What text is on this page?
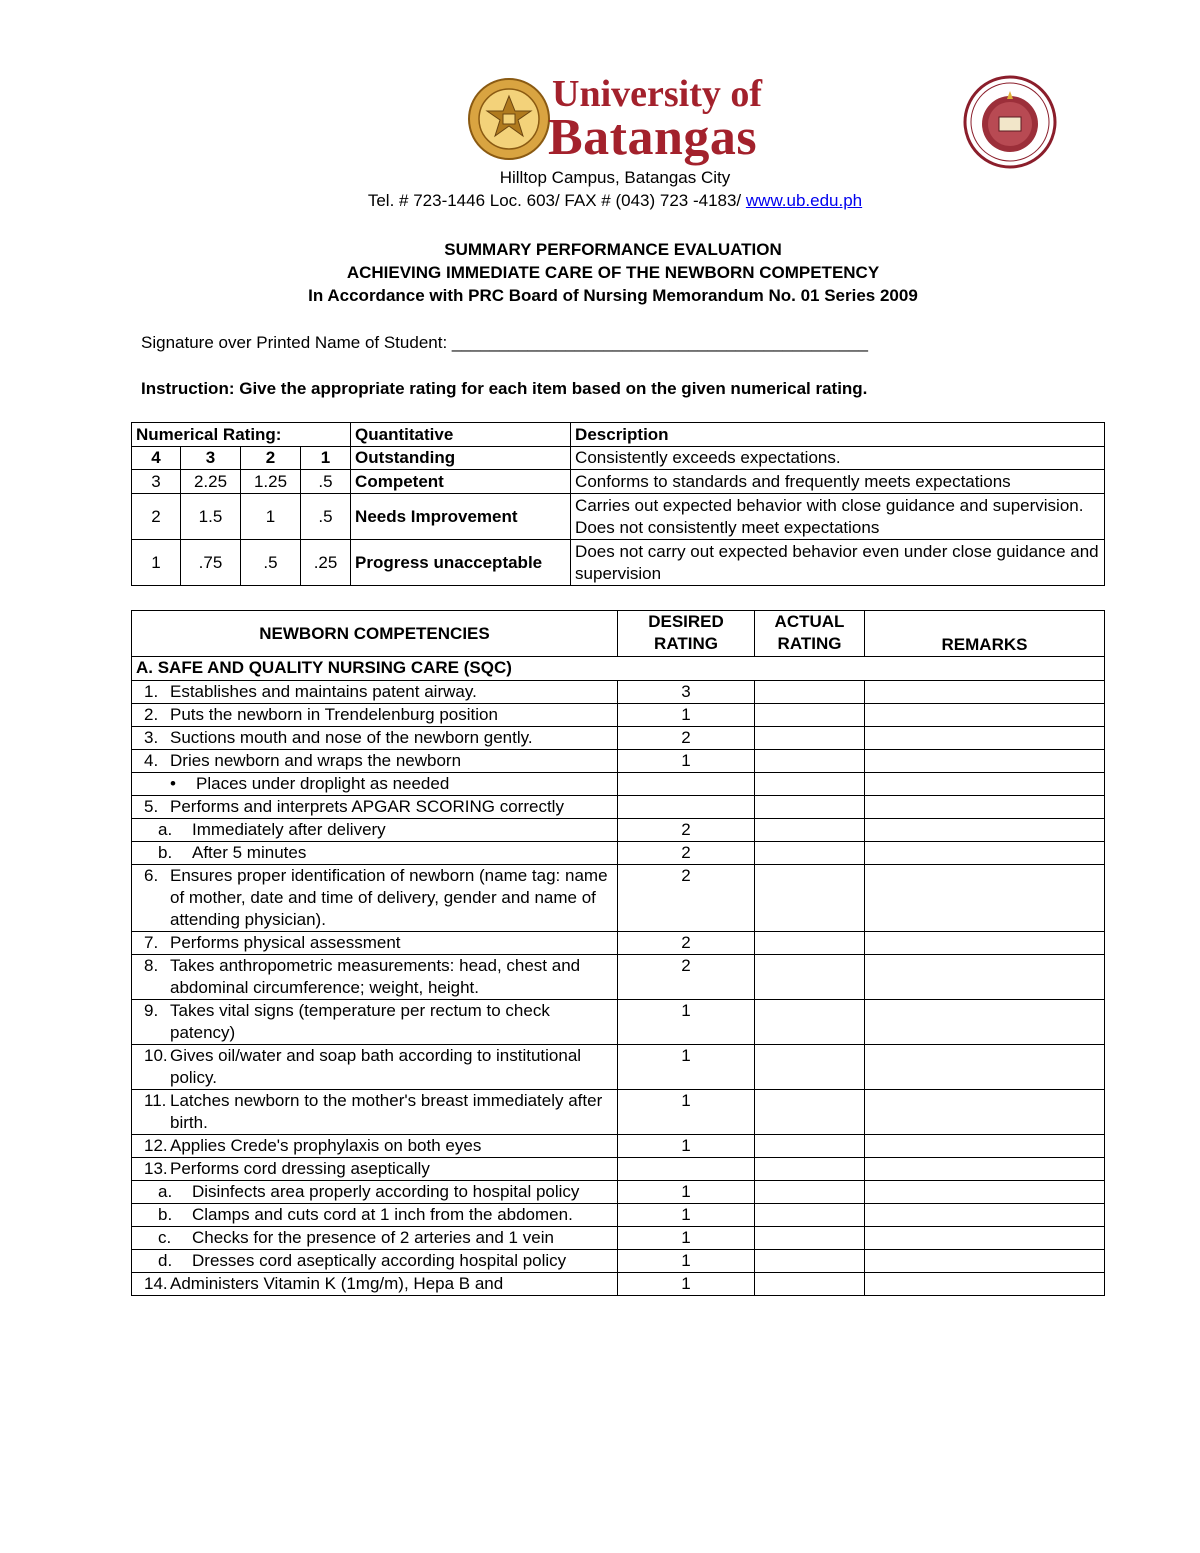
University of
Batangas
Hilltop Campus, Batangas City
Tel. # 723-1446 Loc. 603/ FAX # (043) 723 -4183/ www.ub.edu.ph
SUMMARY PERFORMANCE EVALUATION
ACHIEVING IMMEDIATE CARE OF THE NEWBORN COMPETENCY
In Accordance with PRC Board of Nursing Memorandum No. 01 Series 2009
Signature over Printed Name of Student: ____________________________________________
Instruction: Give the appropriate rating for each item based on the given numerical rating.
Numerical Rating:				Quantitative	Description
4	3	2	1	Outstanding	Consistently exceeds expectations.
3	2.25	1.25	.5	Competent	Conforms to standards and frequently meets expectations
2	1.5	1	.5	Needs Improvement	Carries out expected behavior with close guidance and supervision. Does not consistently meet expectations
1	.75	.5	.25	Progress unacceptable	Does not carry out expected behavior even under close guidance and supervision
NEWBORN COMPETENCIES	DESIRED RATING	ACTUAL RATING	REMARKS
A. SAFE AND QUALITY NURSING CARE (SQC)			

1. Establishes and maintains patent airway.	3		

2. Puts the newborn in Trendelenburg position	1		

3. Suctions mouth and nose of the newborn gently.	2		

4. Dries newborn and wraps the newborn	1		

• Places under droplight as needed

5. Performs and interprets APGAR SCORING correctly			

a. Immediately after delivery	2		

b. After 5 minutes	2		

6. Ensures proper identification of newborn (name tag: name of mother, date and time of delivery, gender and name of attending physician).	2		

7. Performs physical assessment	2		

8. Takes anthropometric measurements: head, chest and abdominal circumference; weight, height.	2		

9. Takes vital signs (temperature per rectum to check patency)	1		

10. Gives oil/water and soap bath according to institutional policy.	1		

11. Latches newborn to the mother's breast immediately after birth.	1		

12. Applies Crede's prophylaxis on both eyes	1		

13. Performs cord dressing aseptically			

a. Disinfects area properly according to hospital policy	1		

b. Clamps and cuts cord at 1 inch from the abdomen.	1		

c. Checks for the presence of 2 arteries and 1 vein	1		

d. Dresses cord aseptically according hospital policy	1		

14. Administers Vitamin K (1mg/m), Hepa B and	1		
